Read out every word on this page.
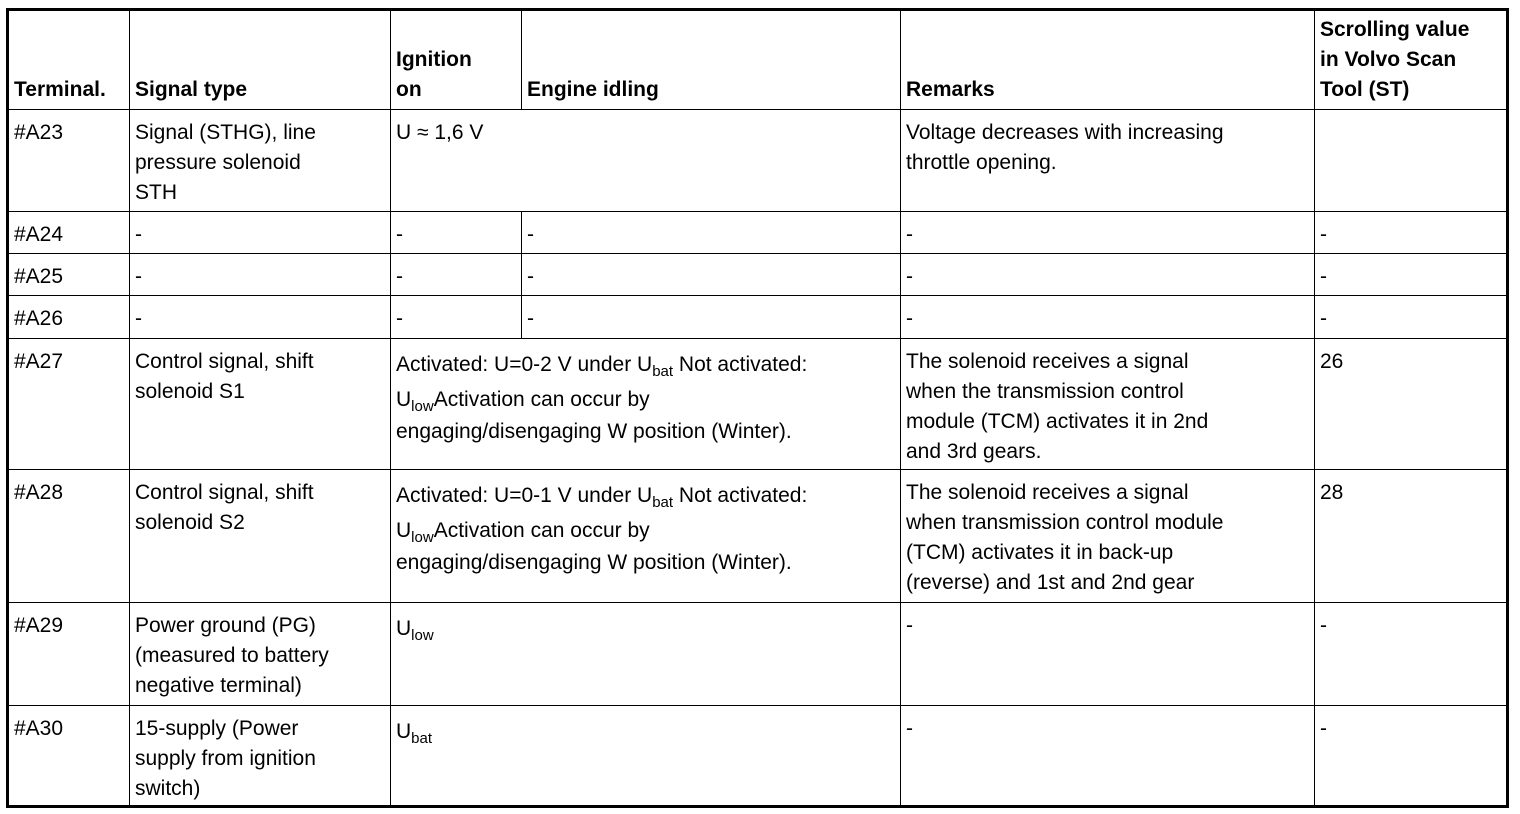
Terminal.	Signal type	Ignition
on	Engine idling	Remarks	Scrolling value
in Volvo Scan
Tool (ST)

#A23	Signal (STHG), line
pressure solenoid
STH	U ≈ 1,6 V		Voltage decreases with increasing
throttle opening.	

#A24	-	-	-	-	-

#A25	-	-	-	-	-

#A26	-	-	-	-	-

#A27	Control signal, shift
solenoid S1	Activated: U=0-2 V under $U_{bat}$ Not activated:
$U_{low}Activation$ can occur by
engaging/disengaging W position (Winter).		The solenoid receives a signal
when the transmission control
module (TCM) activates it in 2nd
and 3rd gears.	26

#A28	Control signal, shift
solenoid S2	Activated: U=0-1 V under $U_{bat}$ Not activated:
$U_{low}Activation$ can occur by
engaging/disengaging W position (Winter).		The solenoid receives a signal
when transmission control module
(TCM) activates it in back-up
(reverse) and 1st and 2nd gear	28

#A29	Power ground (PG)
(measured to battery
negative terminal)	$U_{low}$		-	-

#A30	15-supply (Power
supply from ignition
switch)	$U_{bat}$		-	-
